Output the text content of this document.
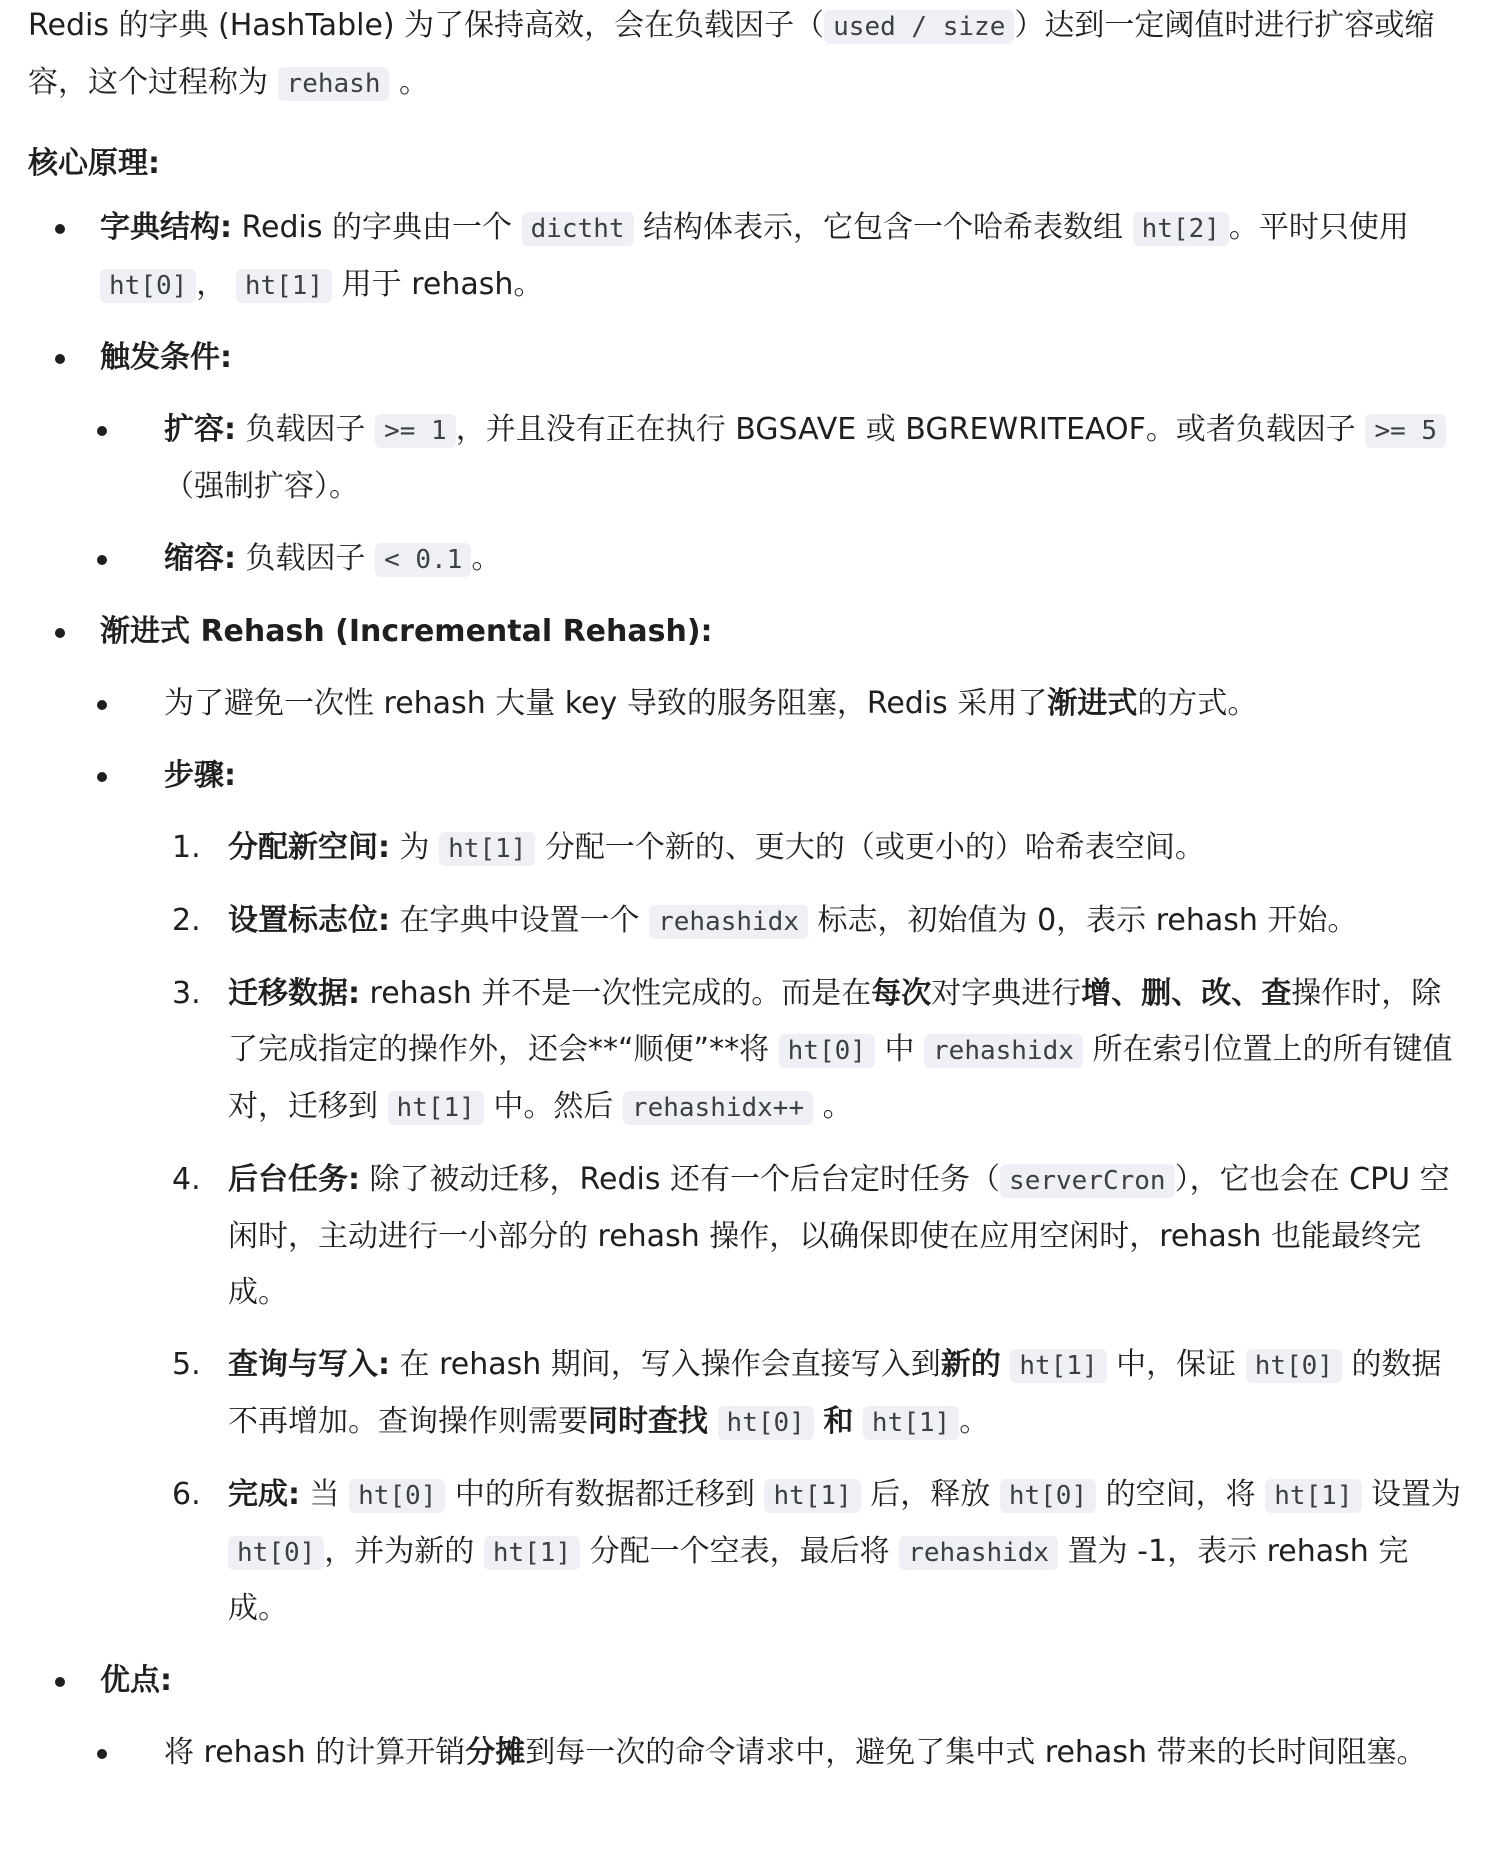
Redis 的字典 (HashTable) 为了保持高效，会在负载因子（ used / size ）达到一定阈值时进行扩容或缩容，这个过程称为 rehash 。

核心原理:

字典结构: Redis 的字典由一个 dictht 结构体表示，它包含一个哈希表数组 ht[2] 。平时只使用 ht[0] ， ht[1] 用于 rehash。
触发条件:
扩容: 负载因子 >= 1 ，并且没有正在执行 BGSAVE 或 BGREWRITEAOF。或者负载因子 >= 5 （强制扩容）。
缩容: 负载因子 < 0.1 。
渐进式 Rehash (Incremental Rehash):
为了避免一次性 rehash 大量 key 导致的服务阻塞，Redis 采用了渐进式的方式。
步骤:
1. 分配新空间: 为 ht[1] 分配一个新的、更大的（或更小的）哈希表空间。
2. 设置标志位: 在字典中设置一个 rehashidx 标志，初始值为 0，表示 rehash 开始。
3. 迁移数据: rehash 并不是一次性完成的。而是在每次对字典进行增、删、改、查操作时，除了完成指定的操作外，还会**“顺便”**将 ht[0] 中 rehashidx 所在索引位置上的所有键值对，迁移到 ht[1] 中。然后 rehashidx++ 。
4. 后台任务: 除了被动迁移，Redis 还有一个后台定时任务（ serverCron ），它也会在 CPU 空闲时，主动进行一小部分的 rehash 操作，以确保即使在应用空闲时，rehash 也能最终完成。
5. 查询与写入: 在 rehash 期间，写入操作会直接写入到新的 ht[1] 中，保证 ht[0] 的数据不再增加。查询操作则需要同时查找 ht[0] 和 ht[1] 。
6. 完成: 当 ht[0] 中的所有数据都迁移到 ht[1] 后，释放 ht[0] 的空间，将 ht[1] 设置为 ht[0] ，并为新的 ht[1] 分配一个空表，最后将 rehashidx 置为 -1，表示 rehash 完成。
优点:
将 rehash 的计算开销分摊到每一次的命令请求中，避免了集中式 rehash 带来的长时间阻塞。
